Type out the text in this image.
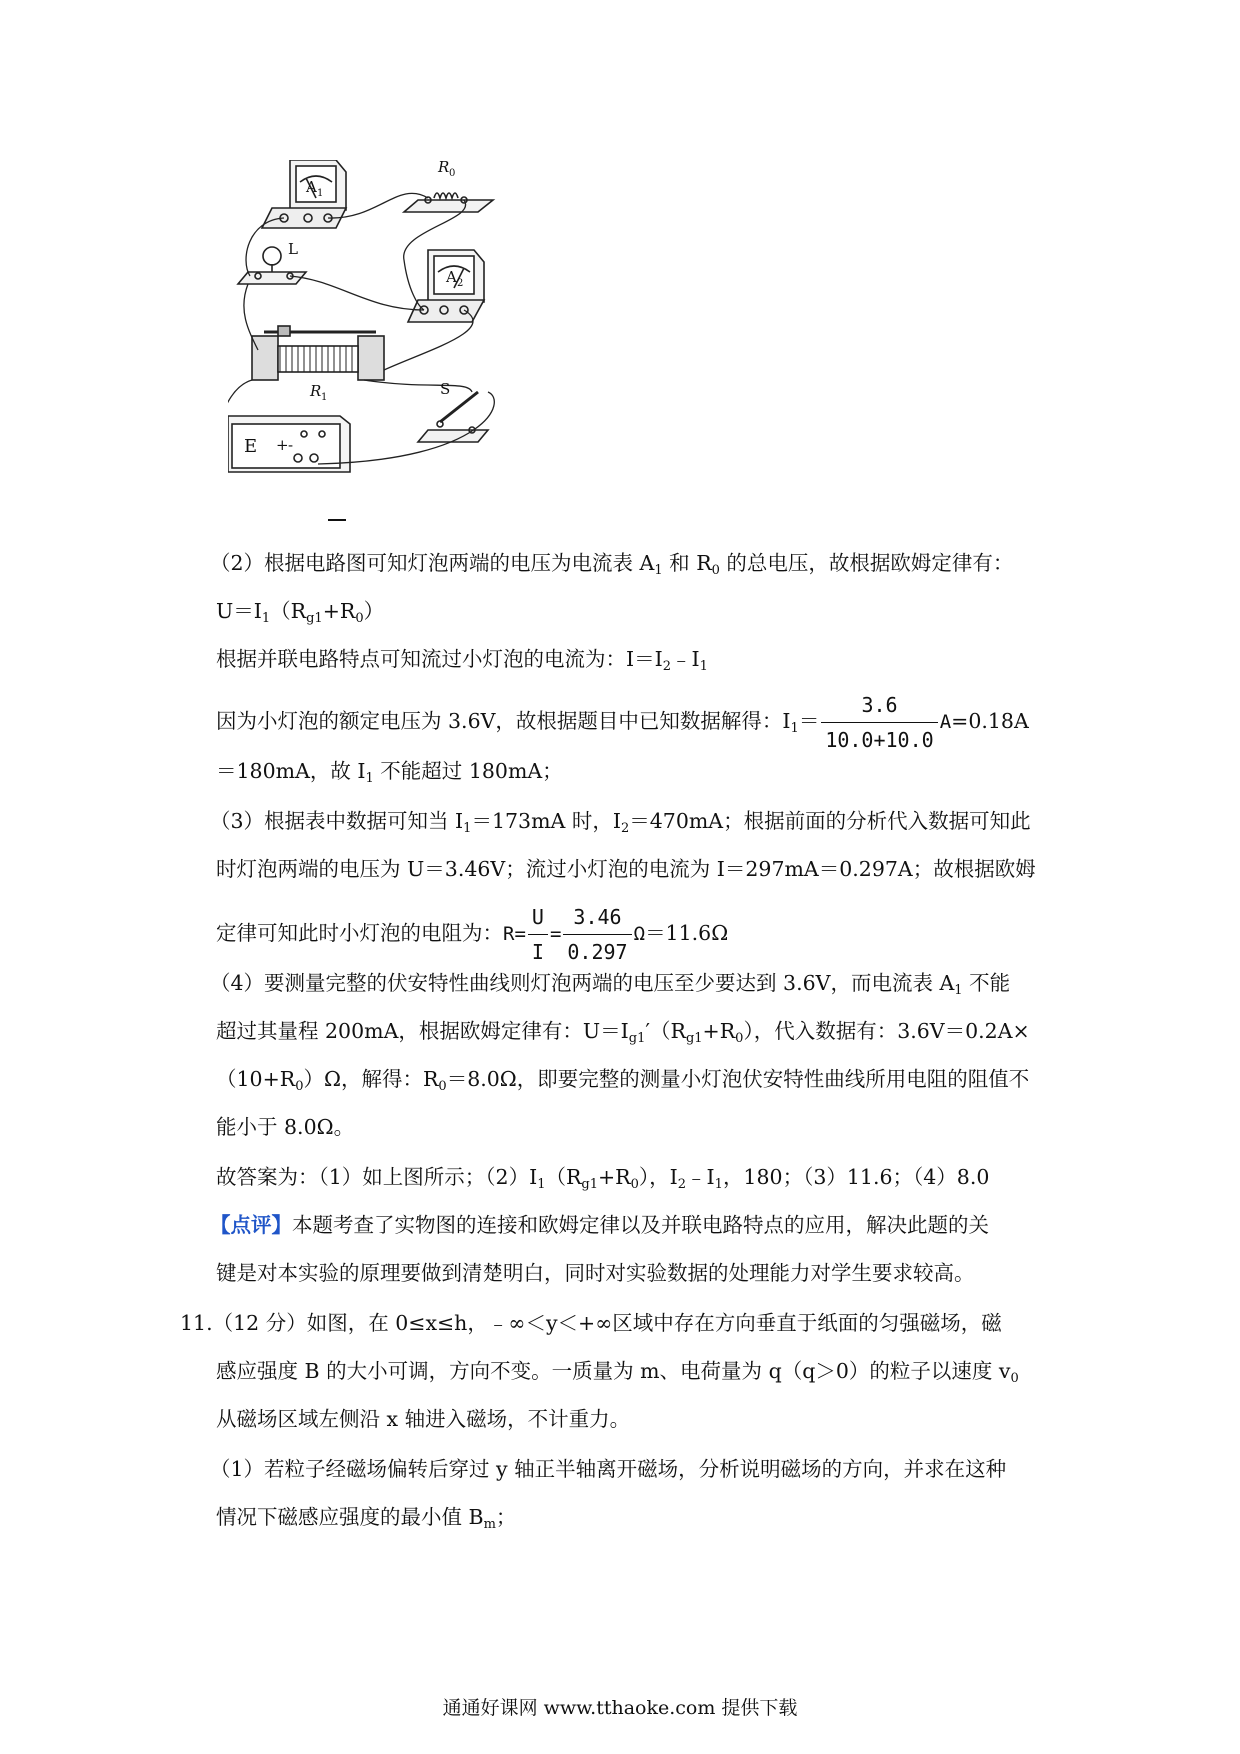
A 1
R 0
L
A 2
R 1	S
E + -
（2）根据电路图可知灯泡两端的电压为电流表 $A_1$ 和 $R_0$ 的总电压，故根据欧姆定律有：
$U=I_1(R_{g1}+R_0)$
根据并联电路特点可知流过小灯泡的电流为：$I=I_2﹣I_1$
因为小灯泡的额定电压为 3.6V，故根据题目中已知数据解得：$I_1= \frac{3.6}{10.0+10.0} A=0.18A$
＝180mA，故 $I_1$ 不能超过 180mA；
（3）根据表中数据可知当 $I_1=173mA$ 时，$I_2=470mA$；根据前面的分析代入数据可知此
时灯泡两端的电压为 U＝3.46V；流过小灯泡的电流为 I＝297mA＝0.297A；故根据欧姆
定律可知此时小灯泡的电阻为：$R= \frac{U}{I} = \frac{3.46}{0.297} \Omega=11.6\Omega$
（4）要测量完整的伏安特性曲线则灯泡两端的电压至少要达到 3.6V，而电流表 $A_1$ 不能
超过其量程 200mA，根据欧姆定律有：$U=I_{g1}'(R_{g1}+R_0)$，代入数据有：3.6V＝0.2A×
$(10+R_0)\Omega$，解得：$R_0=8.0\Omega$，即要完整的测量小灯泡伏安特性曲线所用电阻的阻值不
能小于 8.0Ω。
故答案为：（1）如上图所示；$(2)I_1(R_{g1}+R_0)$，$I_2﹣I_1$，180；（3）11.6；（4）8.0
【点评】本题考查了实物图的连接和欧姆定律以及并联电路特点的应用，解决此题的关
键是对本实验的原理要做到清楚明白，同时对实验数据的处理能力对学生要求较高。
11.（12 分）如图，在 0≤x≤h，﹣∞＜y＜+∞区域中存在方向垂直于纸面的匀强磁场，磁
感应强度 B 的大小可调，方向不变。一质量为 m、电荷量为 q（q＞0）的粒子以速度 $v_0$
从磁场区域左侧沿 x 轴进入磁场，不计重力。
（1）若粒子经磁场偏转后穿过 y 轴正半轴离开磁场，分析说明磁场的方向，并求在这种
情况下磁感应强度的最小值 $B_m$；
通通好课网 www.tthaoke.com 提供下载
